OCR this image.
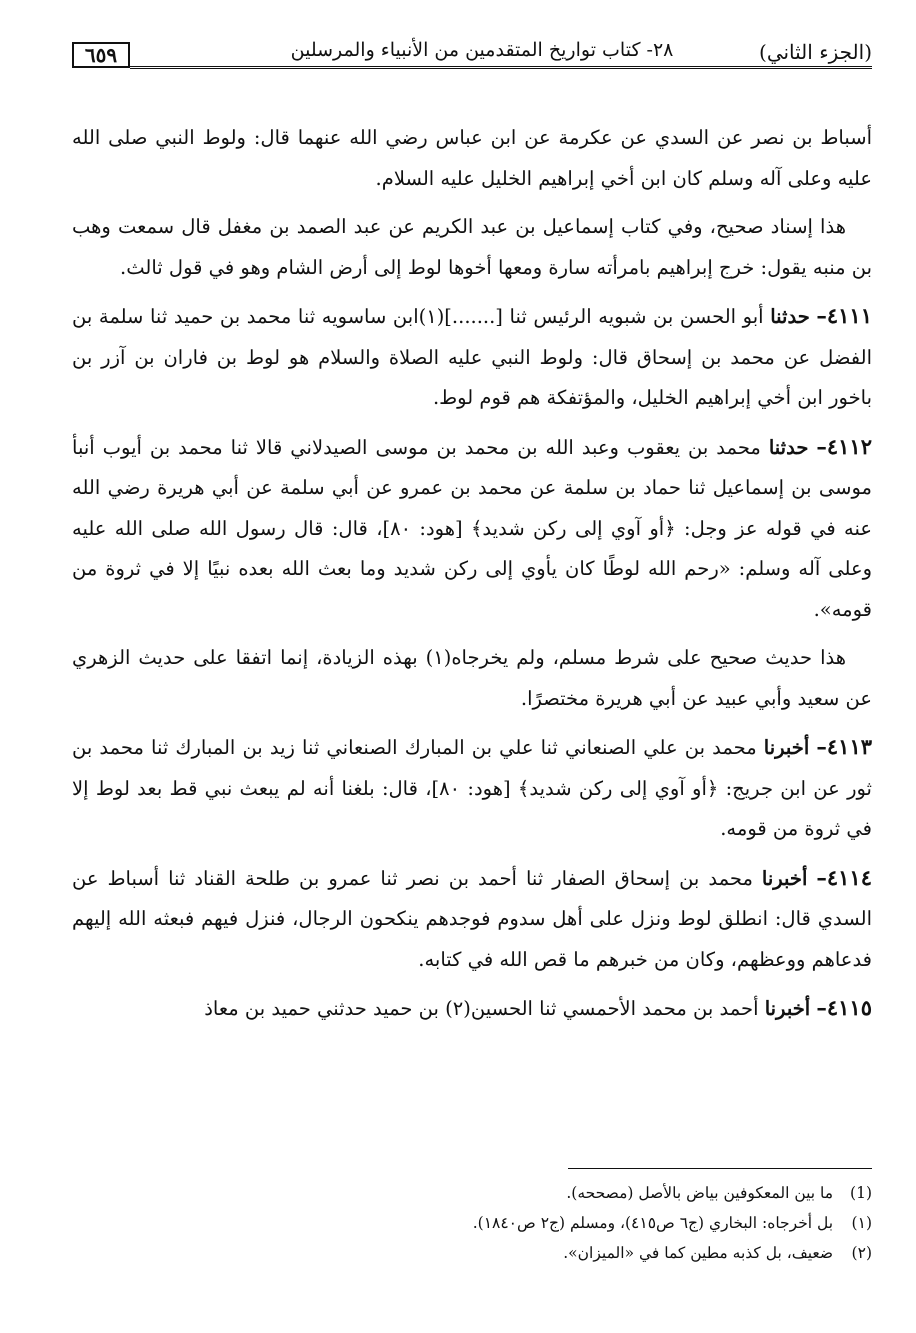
٦٥٩	٢٨- كتاب تواريخ المتقدمين من الأنبياء والمرسلين	(الجزء الثاني)

أسباط بن نصر عن السدي عن عكرمة عن ابن عباس رضي الله عنهما قال: ولوط النبي صلى الله عليه وعلى آله وسلم كان ابن أخي إبراهيم الخليل عليه السلام.

هذا إسناد صحيح، وفي كتاب إسماعيل بن عبد الكريم عن عبد الصمد بن مغفل قال سمعت وهب بن منبه يقول: خرج إبراهيم بامرأته سارة ومعها أخوها لوط إلى أرض الشام وهو في قول ثالث.

٤١١١– حدثنا أبو الحسن بن شبويه الرئيس ثنا [.......](١)ابن ساسويه ثنا محمد بن حميد ثنا سلمة بن الفضل عن محمد بن إسحاق قال: ولوط النبي عليه الصلاة والسلام هو لوط بن فاران بن آزر بن باخور ابن أخي إبراهيم الخليل، والمؤتفكة هم قوم لوط.

٤١١٢– حدثنا محمد بن يعقوب وعبد الله بن محمد بن موسى الصيدلاني قالا ثنا محمد بن أيوب أنبأ موسى بن إسماعيل ثنا حماد بن سلمة عن محمد بن عمرو عن أبي سلمة عن أبي هريرة رضي الله عنه في قوله عز وجل: ﴿أو آوي إلى ركن شديد﴾ [هود: ٨٠]، قال: قال رسول الله صلى الله عليه وعلى آله وسلم: «رحم الله لوطًا كان يأوي إلى ركن شديد وما بعث الله بعده نبيًا إلا في ثروة من قومه».

هذا حديث صحيح على شرط مسلم، ولم يخرجاه(١) بهذه الزيادة، إنما اتفقا على حديث الزهري عن سعيد وأبي عبيد عن أبي هريرة مختصرًا.

٤١١٣– أخبرنا محمد بن علي الصنعاني ثنا علي بن المبارك الصنعاني ثنا زيد بن المبارك ثنا محمد بن ثور عن ابن جريج: ﴿أو آوي إلى ركن شديد﴾ [هود: ٨٠]، قال: بلغنا أنه لم يبعث نبي قط بعد لوط إلا في ثروة من قومه.

٤١١٤– أخبرنا محمد بن إسحاق الصفار ثنا أحمد بن نصر ثنا عمرو بن طلحة القناد ثنا أسباط عن السدي قال: انطلق لوط ونزل على أهل سدوم فوجدهم ينكحون الرجال، فنزل فيهم فبعثه الله إليهم فدعاهم ووعظهم، وكان من خبرهم ما قص الله في كتابه.

٤١١٥– أخبرنا أحمد بن محمد الأحمسي ثنا الحسين(٢) بن حميد حدثني حميد بن معاذ

(1) ما بين المعكوفين بياض بالأصل (مصححه).
(١) بل أخرجاه: البخاري (ج٦ ص٤١٥)، ومسلم (ج٢ ص١٨٤٠).
(٢) ضعيف، بل كذبه مطين كما في «الميزان».
